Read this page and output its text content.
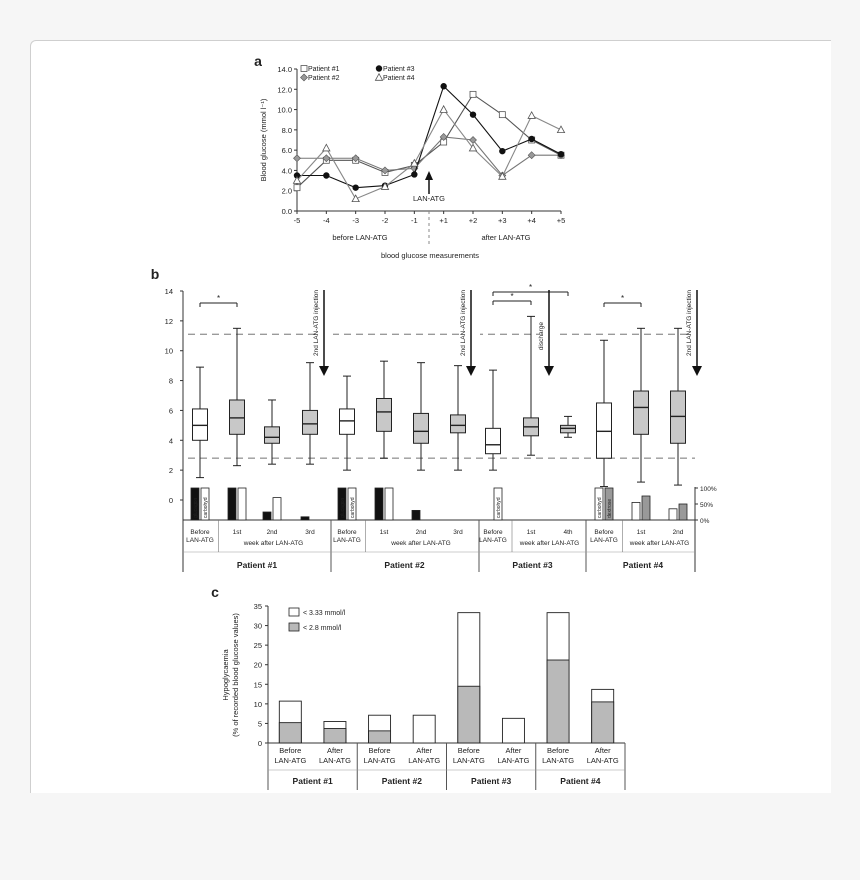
a
0.0
2.0
4.0
6.0
8.0
10.0
12.0
14.0
-5	-4	-3	-2	-1	+1	+2	+3	+4	+5
LAN-ATG
before LAN-ATG	after LAN-ATG
blood glucose measurements
Blood glucose (mmol l⁻¹)
Patient #1
Patient #2
Patient #3
Patient #4
b
0
2
4
6
8
10
12
14
100%
50%
0%
Before
LAN-ATG
1st	2nd	3rd
week after LAN-ATG
Patient #1
*	2nd LAN-ATG injection
glucagon carbohyd
Before
LAN-ATG
1st	2nd	3rd
week after LAN-ATG
Patient #2
2nd LAN-ATG injection
glucagon carbohyd
Before
LAN-ATG
1st	4th
week after LAN-ATG
Patient #3
*
*
discharge
carbohyd
Before
LAN-ATG
1st	2nd
week after LAN-ATG
Patient #4
*	2nd LAN-ATG injection
carbohyd dextrose
c
0
5
10
15
20
25
30
35
Hypoglycaemia (% of recorded blood glucose values)	< 3.33 mmol/l
< 2.8 mmol/l
Before
LAN-ATG
After
LAN-ATG
Patient #1
Before
LAN-ATG
After
LAN-ATG
Patient #2
Before
LAN-ATG
After
LAN-ATG
Patient #3
Before
LAN-ATG
After
LAN-ATG
Patient #4
